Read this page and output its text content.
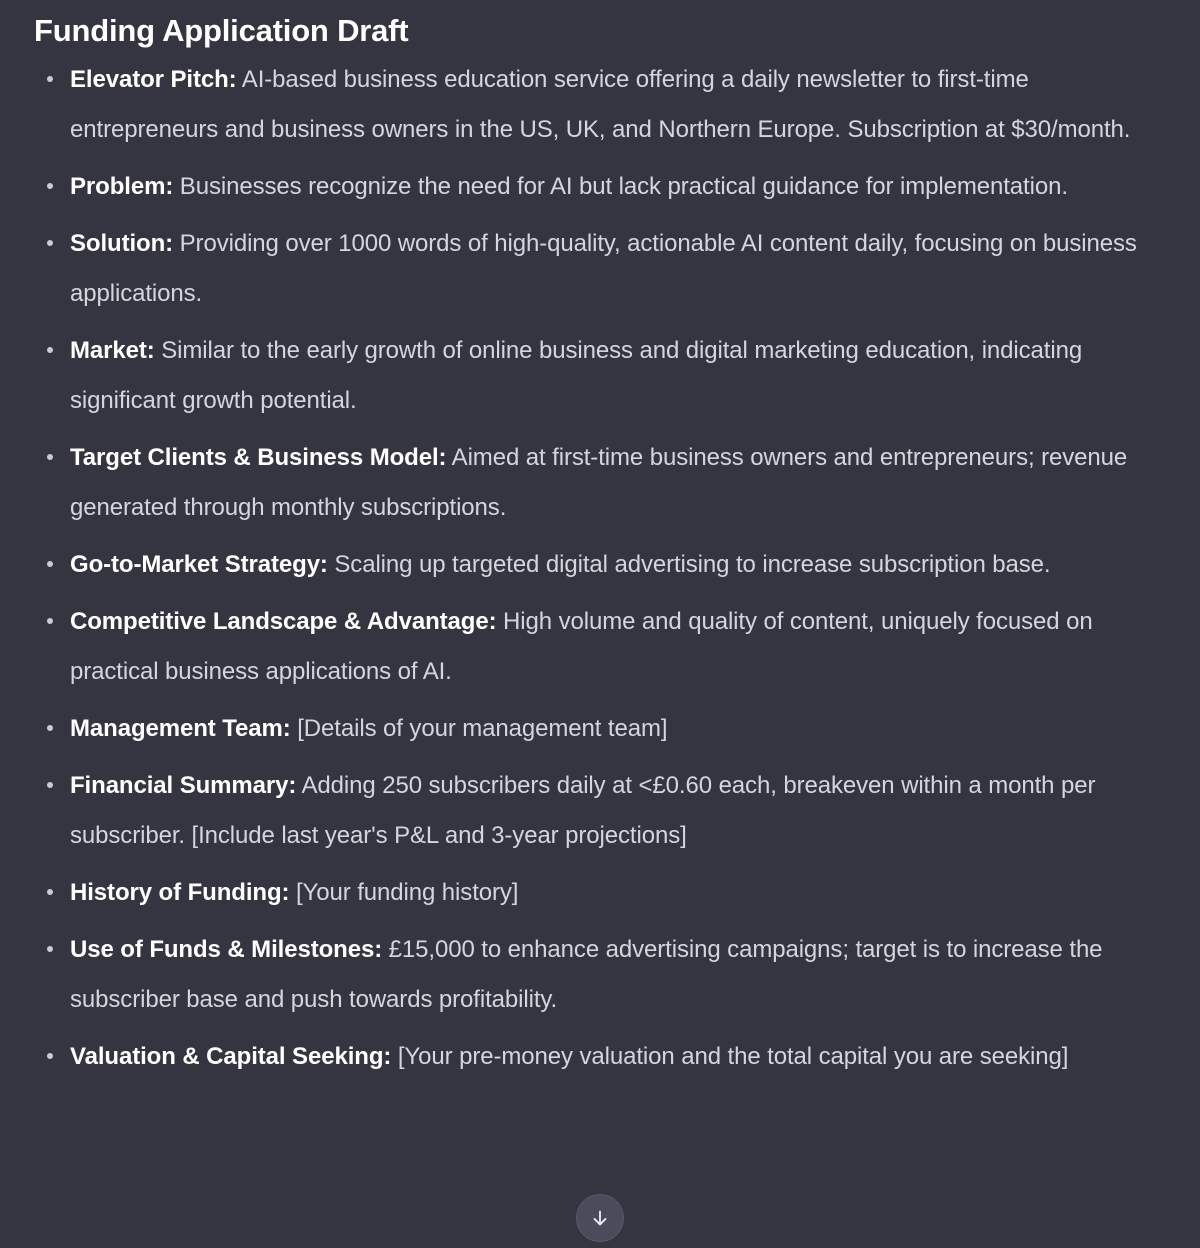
Funding Application Draft
Elevator Pitch: AI-based business education service offering a daily newsletter to first-time entrepreneurs and business owners in the US, UK, and Northern Europe. Subscription at $30/month.
Problem: Businesses recognize the need for AI but lack practical guidance for implementation.
Solution: Providing over 1000 words of high-quality, actionable AI content daily, focusing on business applications.
Market: Similar to the early growth of online business and digital marketing education, indicating significant growth potential.
Target Clients & Business Model: Aimed at first-time business owners and entrepreneurs; revenue generated through monthly subscriptions.
Go-to-Market Strategy: Scaling up targeted digital advertising to increase subscription base.
Competitive Landscape & Advantage: High volume and quality of content, uniquely focused on practical business applications of AI.
Management Team: [Details of your management team]
Financial Summary: Adding 250 subscribers daily at <£0.60 each, breakeven within a month per subscriber. [Include last year's P&L and 3-year projections]
History of Funding: [Your funding history]
Use of Funds & Milestones: £15,000 to enhance advertising campaigns; target is to increase the subscriber base and push towards profitability.
Valuation & Capital Seeking: [Your pre-money valuation and the total capital you are seeking]
